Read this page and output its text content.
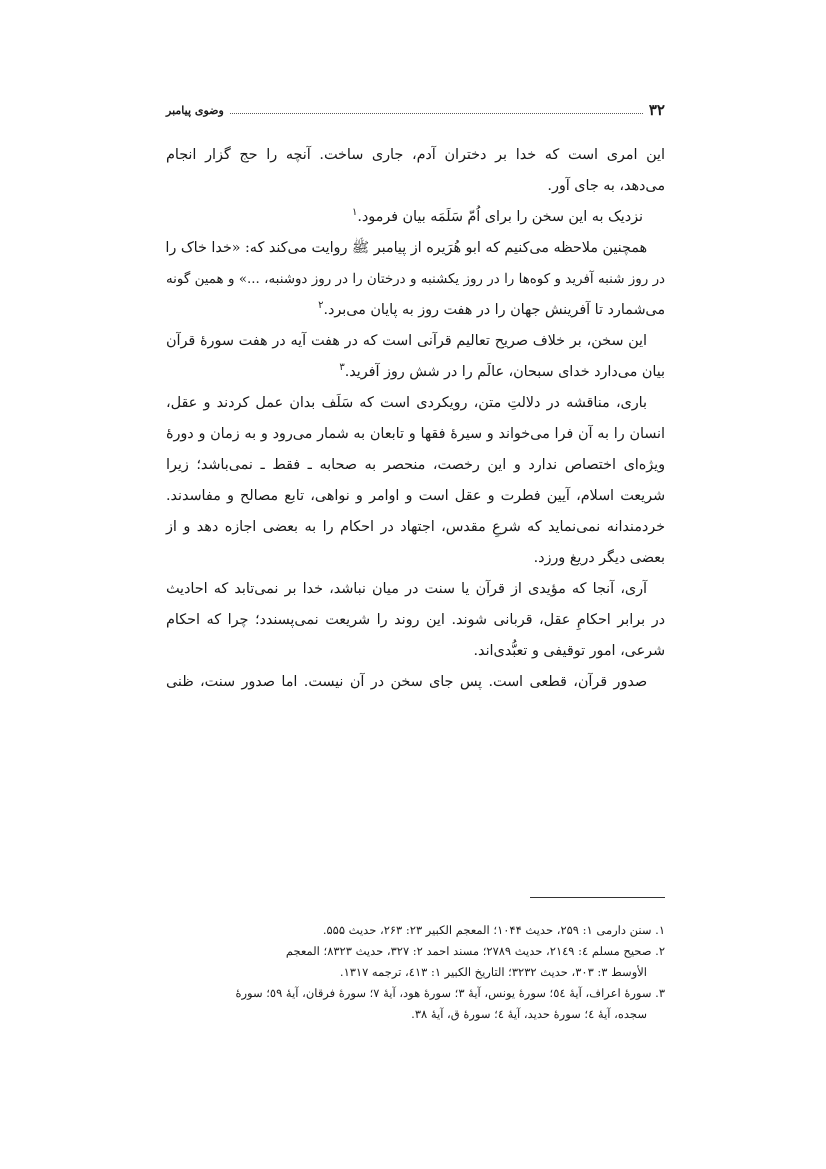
۳۲
وضوی پیامبر
این امری است که خدا بر دختران آدم، جاری ساخت. آنچه را حج گزار انجام
می‌دهد، به جای آور.
نزدیک به این سخن را برای اُمّ سَلَمَه بیان فرمود.$^۱$
همچنین ملاحظه می‌کنیم که ابو هُرَیره از پیامبر ﷺ روایت می‌کند که: «خدا خاک را
در روز شنبه آفرید و کوه‌ها را در روز یکشنبه و درختان را در روز دوشنبه، ...» و همین گونه
می‌شمارد تا آفرینش جهان را در هفت روز به پایان می‌برد.$^۲$
این سخن، بر خلاف صریح تعالیم قرآنی است که در هفت آیه در هفت سورهٔ قرآن
بیان می‌دارد خدای سبحان، عالَم را در شش روز آفرید.$^۳$
باری، مناقشه در دلالتِ متن، رویکردی است که سَلَف بدان عمل کردند و عقل،
انسان را به آن فرا می‌خواند و سیرهٔ فقها و تابعان به شمار می‌رود و به زمان و دورهٔ
ویژه‌ای اختصاص ندارد و این رخصت، منحصر به صحابه ـ فقط ـ نمی‌باشد؛ زیرا
شریعت اسلام، آیین فطرت و عقل است و اوامر و نواهی، تابع مصالح و مفاسدند.
خردمندانه نمی‌نماید که شرعِ مقدس، اجتهاد در احکام را به بعضی اجازه دهد و از
بعضی دیگر دریغ ورزد.
آری، آنجا که مؤیدی از قرآن یا سنت در میان نباشد، خدا بر نمی‌تابد که احادیث
در برابر احکامِ عقل، قربانی شوند. این روند را شریعت نمی‌پسندد؛ چرا که احکام
شرعی، امور توقیفی و تعبُّدی‌اند.
صدور قرآن، قطعی است. پس جای سخن در آن نیست. اما صدور سنت، ظنی
۱. سنن دارمی ۱: ۲۵۹، حدیث ۱۰۴۴؛ المعجم الکبیر ۲۳: ۲۶۳، حدیث ۵۵۵.
۲. صحیح مسلم ٤: ۲۱٤۹، حدیث ۲۷۸۹؛ مسند احمد ۲: ۳۲۷، حدیث ۸۳۲۳؛ المعجم
الأوسط ۳: ۳۰۳، حدیث ۳۲۳۲؛ التاریخ الکبیر ۱: ٤۱۳، ترجمه ۱۳۱۷.
۳. سورهٔ اعراف، آیهٔ ٥٤؛ سورهٔ یونس، آیهٔ ۳؛ سورهٔ هود، آیهٔ ۷؛ سورهٔ فرقان، آیهٔ ٥۹؛ سورهٔ
سجده، آیهٔ ٤؛ سورهٔ حدید، آیهٔ ٤؛ سورهٔ ق، آیهٔ ۳۸.
